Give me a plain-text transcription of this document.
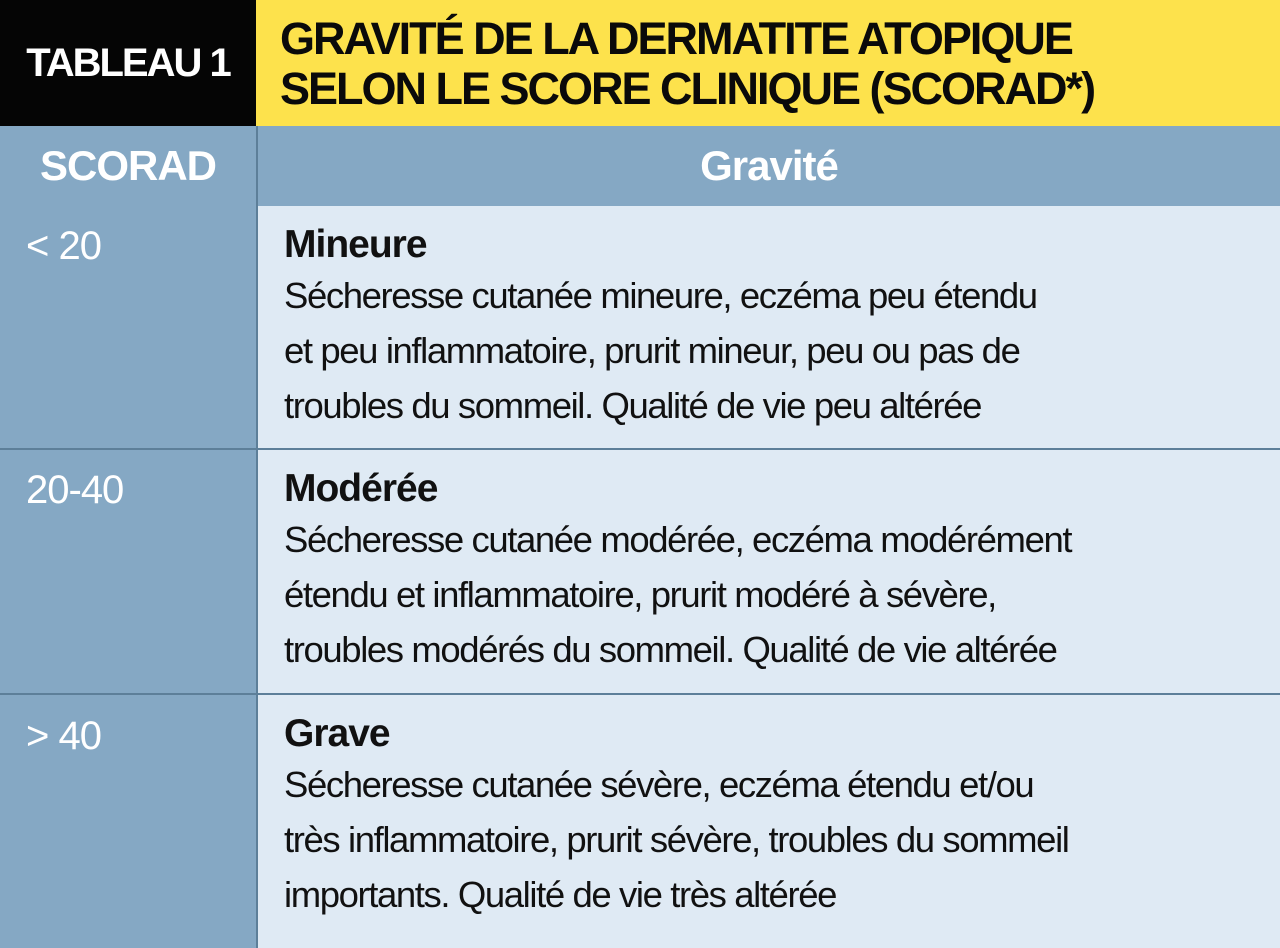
TABLEAU 1	GRAVITÉ DE LA DERMATITE ATOPIQUE
SELON LE SCORE CLINIQUE (SCORAD*)
SCORAD	Gravité
< 20	Mineure
Sécheresse cutanée mineure, eczéma peu étendu
et peu inflammatoire, prurit mineur, peu ou pas de
troubles du sommeil. Qualité de vie peu altérée
20-40	Modérée
Sécheresse cutanée modérée, eczéma modérément
étendu et inflammatoire, prurit modéré à sévère,
troubles modérés du sommeil. Qualité de vie altérée
> 40	Grave
Sécheresse cutanée sévère, eczéma étendu et/ou
très inflammatoire, prurit sévère, troubles du sommeil
importants. Qualité de vie très altérée
